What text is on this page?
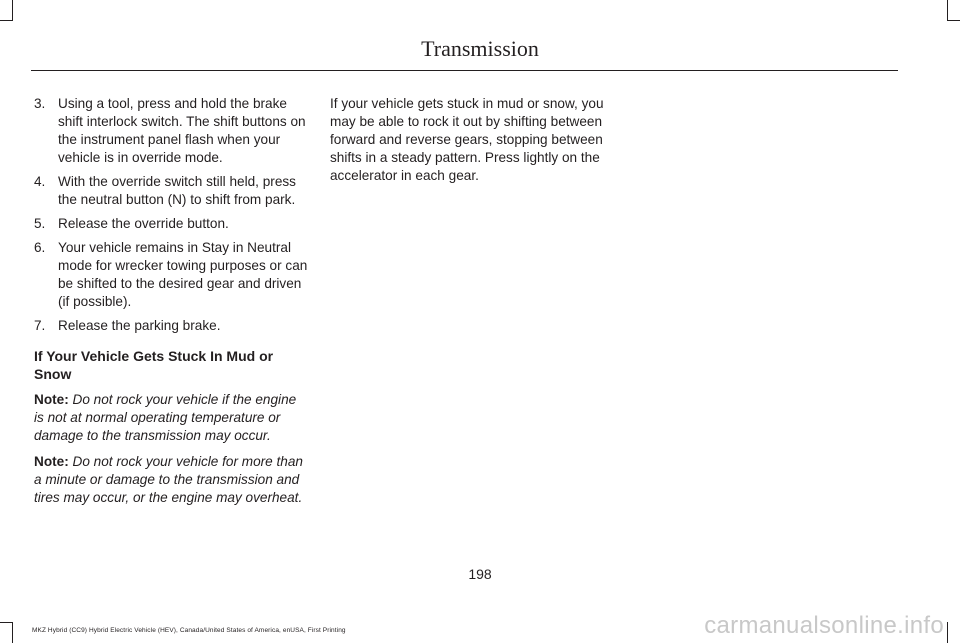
Transmission
3. Using a tool, press and hold the brake shift interlock switch. The shift buttons on the instrument panel flash when your vehicle is in override mode.
4. With the override switch still held, press the neutral button (N) to shift from park.
5. Release the override button.
6. Your vehicle remains in Stay in Neutral mode for wrecker towing purposes or can be shifted to the desired gear and driven (if possible).
7. Release the parking brake.
If Your Vehicle Gets Stuck In Mud or Snow

Note: Do not rock your vehicle if the engine is not at normal operating temperature or damage to the transmission may occur.

Note: Do not rock your vehicle for more than a minute or damage to the transmission and tires may occur, or the engine may overheat.

If your vehicle gets stuck in mud or snow, you may be able to rock it out by shifting between forward and reverse gears, stopping between shifts in a steady pattern. Press lightly on the accelerator in each gear.

198
MKZ Hybrid (CC9) Hybrid Electric Vehicle (HEV), Canada/United States of America, enUSA, First Printing	carmanualsonline.info
